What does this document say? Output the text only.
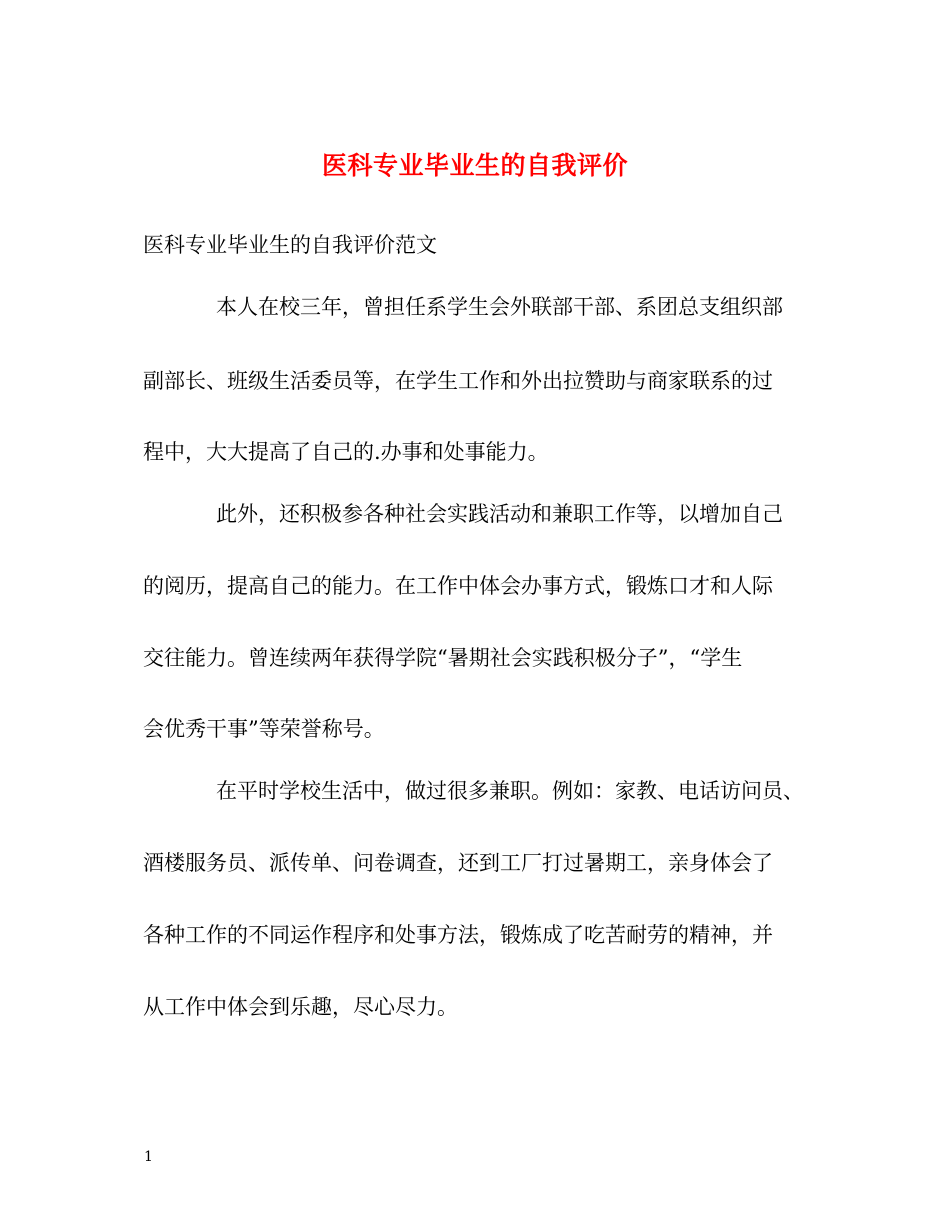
医科专业毕业生的自我评价
医科专业毕业生的自我评价范文
本人在校三年，曾担任系学生会外联部干部、系团总支组织部
副部长、班级生活委员等，在学生工作和外出拉赞助与商家联系的过
程中，大大提高了自己的.办事和处事能力。
此外，还积极参各种社会实践活动和兼职工作等，以增加自己
的阅历，提高自己的能力。在工作中体会办事方式，锻炼口才和人际
交往能力。曾连续两年获得学院“暑期社会实践积极分子”，“学生
会优秀干事”等荣誉称号。
在平时学校生活中，做过很多兼职。例如：家教、电话访问员、
酒楼服务员、派传单、问卷调查，还到工厂打过暑期工，亲身体会了
各种工作的不同运作程序和处事方法，锻炼成了吃苦耐劳的精神，并
从工作中体会到乐趣，尽心尽力。
1
